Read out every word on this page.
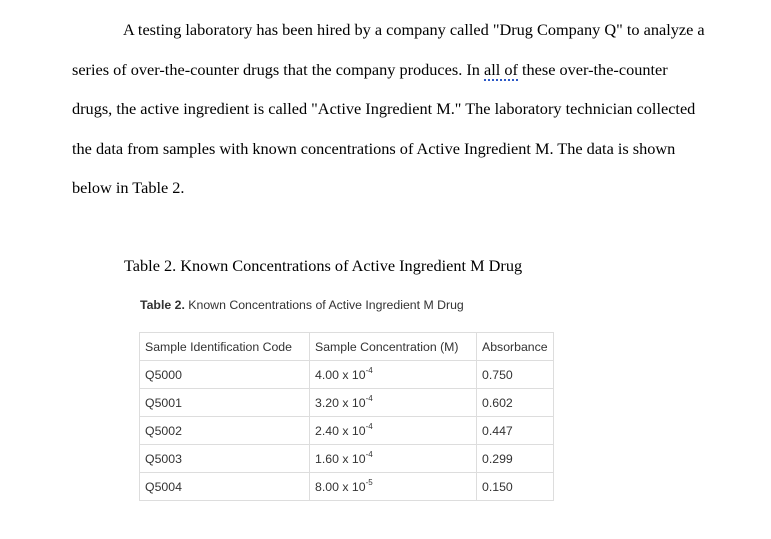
A testing laboratory has been hired by a company called "Drug Company Q" to analyze a
series of over-the-counter drugs that the company produces. In all of these over-the-counter
drugs, the active ingredient is called "Active Ingredient M." The laboratory technician collected
the data from samples with known concentrations of Active Ingredient M. The data is shown
below in Table 2.

Table 2. Known Concentrations of Active Ingredient M Drug

Table 2. Known Concentrations of Active Ingredient M Drug

Sample Identification Code	Sample Concentration (M)	Absorbance
Q5000	4.00 x $10^{-4}$	0.750
Q5001	3.20 x $10^{-4}$	0.602
Q5002	2.40 x $10^{-4}$	0.447
Q5003	1.60 x $10^{-4}$	0.299
Q5004	8.00 x $10^{-5}$	0.150
